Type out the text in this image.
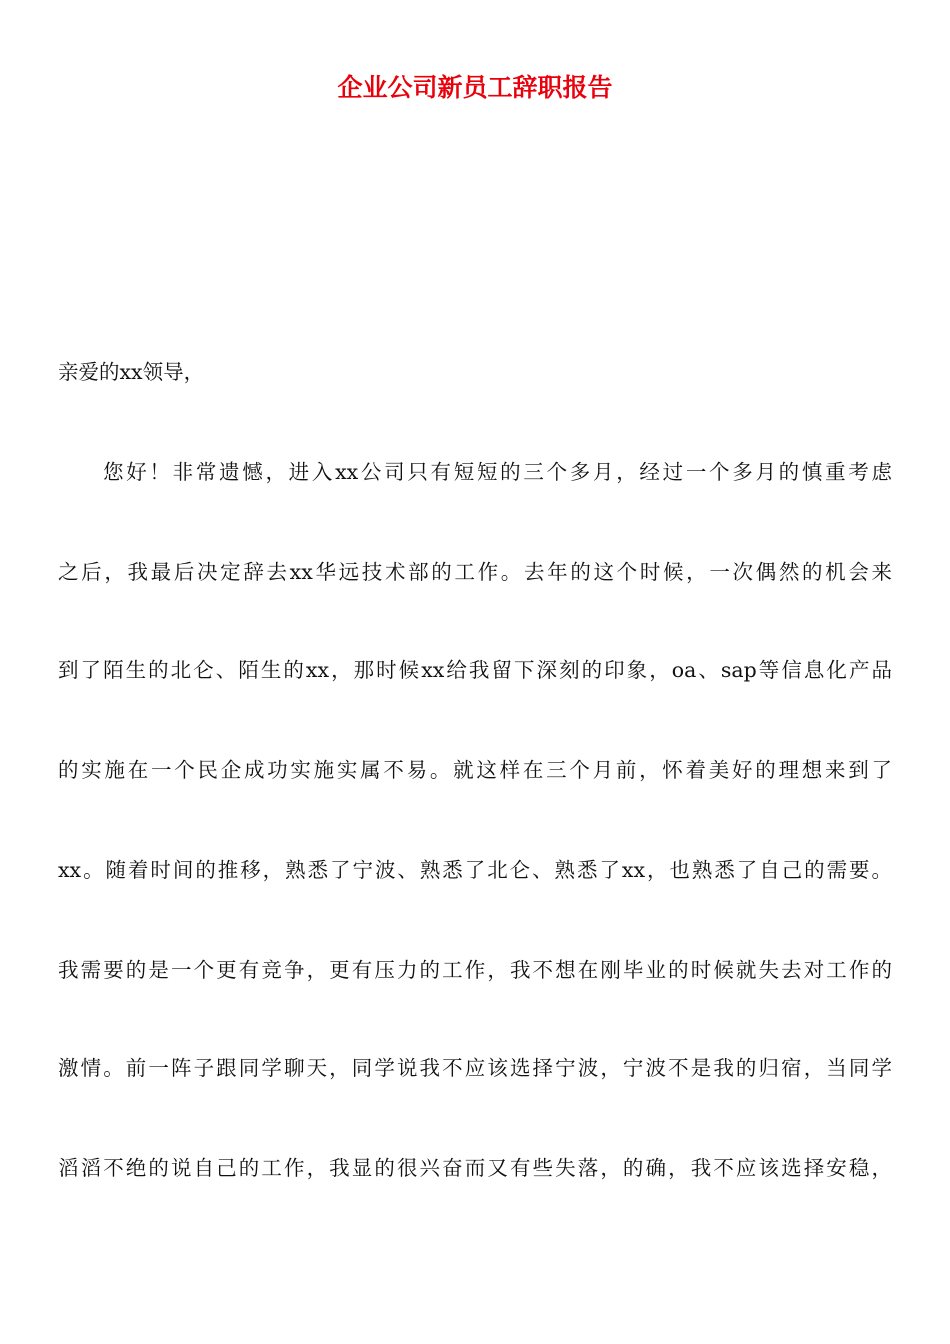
企业公司新员工辞职报告
亲爱的xx领导，
您好！非常遗憾，进入xx公司只有短短的三个多月，经过一个多月的慎重考虑
之后，我最后决定辞去xx华远技术部的工作。去年的这个时候，一次偶然的机会来
到了陌生的北仑、陌生的xx，那时候xx给我留下深刻的印象，oa、sap等信息化产品
的实施在一个民企成功实施实属不易。就这样在三个月前，怀着美好的理想来到了
xx。随着时间的推移，熟悉了宁波、熟悉了北仑、熟悉了xx，也熟悉了自己的需要。
我需要的是一个更有竞争，更有压力的工作，我不想在刚毕业的时候就失去对工作的
激情。前一阵子跟同学聊天，同学说我不应该选择宁波，宁波不是我的归宿，当同学
滔滔不绝的说自己的工作，我显的很兴奋而又有些失落，的确，我不应该选择安稳，
